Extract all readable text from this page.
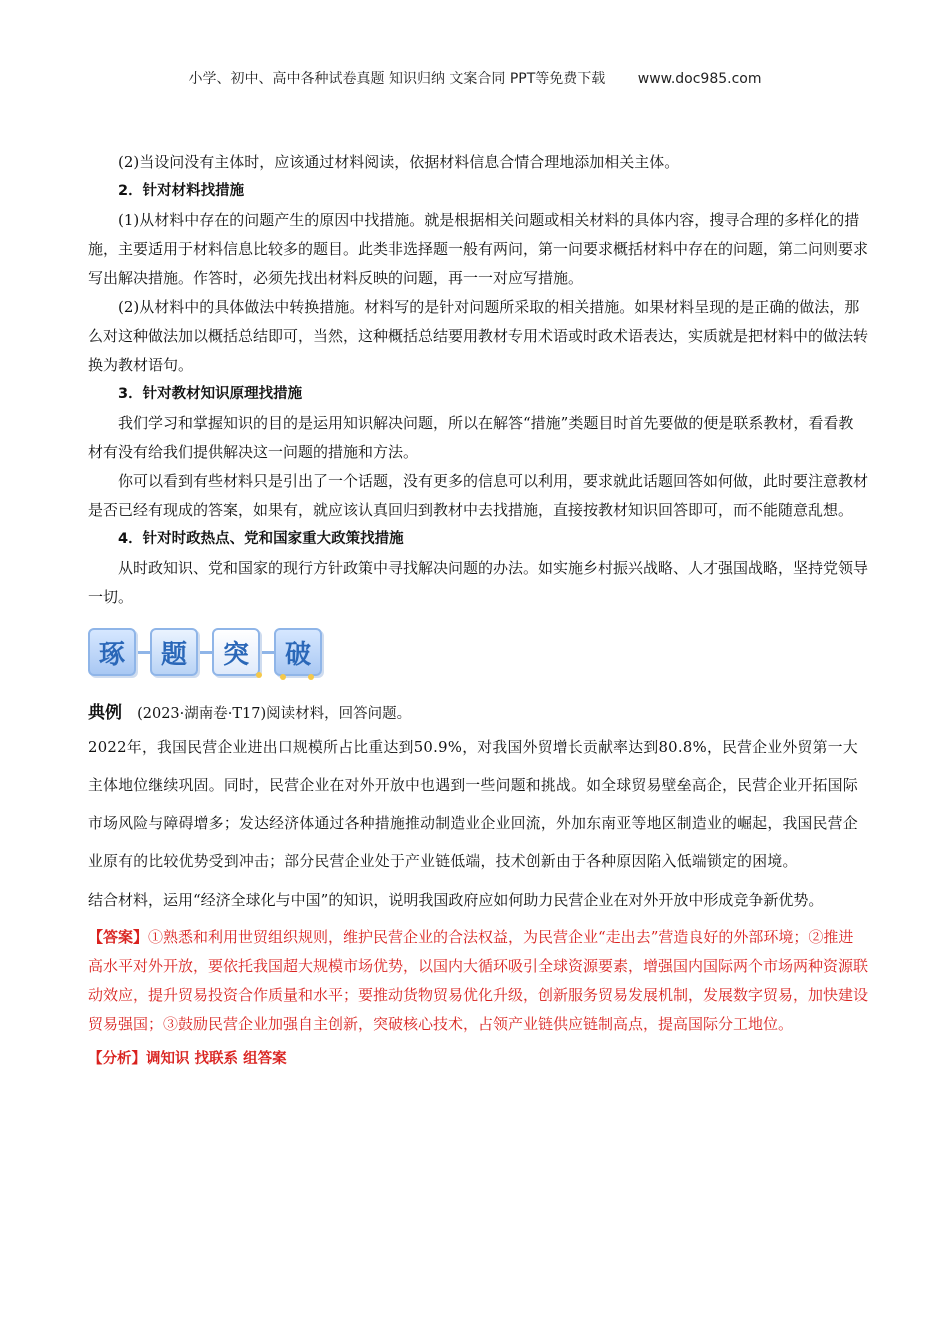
小学、初中、高中各种试卷真题 知识归纳 文案合同 PPT等免费下载 www.doc985.com

(2)当设问没有主体时，应该通过材料阅读，依据材料信息合情合理地添加相关主体。

2．针对材料找措施

(1)从材料中存在的问题产生的原因中找措施。就是根据相关问题或相关材料的具体内容，搜寻合理的多样化的措施，主要适用于材料信息比较多的题目。此类非选择题一般有两问，第一问要求概括材料中存在的问题，第二问则要求写出解决措施。作答时，必须先找出材料反映的问题，再一一对应写措施。

(2)从材料中的具体做法中转换措施。材料写的是针对问题所采取的相关措施。如果材料呈现的是正确的做法，那么对这种做法加以概括总结即可，当然，这种概括总结要用教材专用术语或时政术语表达，实质就是把材料中的做法转换为教材语句。

3．针对教材知识原理找措施

我们学习和掌握知识的目的是运用知识解决问题，所以在解答“措施”类题目时首先要做的便是联系教材，看看教材有没有给我们提供解决这一问题的措施和方法。

你可以看到有些材料只是引出了一个话题，没有更多的信息可以利用，要求就此话题回答如何做，此时要注意教材是否已经有现成的答案，如果有，就应该认真回归到教材中去找措施，直接按教材知识回答即可，而不能随意乱想。

4．针对时政热点、党和国家重大政策找措施

从时政知识、党和国家的现行方针政策中寻找解决问题的办法。如实施乡村振兴战略、人才强国战略，坚持党领导一切。

琢 题 突 破
典例 (2023·湖南卷·T17)阅读材料，回答问题。

2022年，我国民营企业进出口规模所占比重达到50.9%，对我国外贸增长贡献率达到80.8%，民营企业外贸第一大主体地位继续巩固。同时，民营企业在对外开放中也遇到一些问题和挑战。如全球贸易壁垒高企，民营企业开拓国际市场风险与障碍增多；发达经济体通过各种措施推动制造业企业回流，外加东南亚等地区制造业的崛起，我国民营企业原有的比较优势受到冲击；部分民营企业处于产业链低端，技术创新由于各种原因陷入低端锁定的困境。

结合材料，运用“经济全球化与中国”的知识，说明我国政府应如何助力民营企业在对外开放中形成竞争新优势。

【答案】①熟悉和利用世贸组织规则，维护民营企业的合法权益，为民营企业“走出去”营造良好的外部环境；②推进高水平对外开放，要依托我国超大规模市场优势，以国内大循环吸引全球资源要素，增强国内国际两个市场两种资源联动效应，提升贸易投资合作质量和水平；要推动货物贸易优化升级，创新服务贸易发展机制，发展数字贸易，加快建设贸易强国；③鼓励民营企业加强自主创新，突破核心技术，占领产业链供应链制高点，提高国际分工地位。

【分析】调知识 找联系 组答案
